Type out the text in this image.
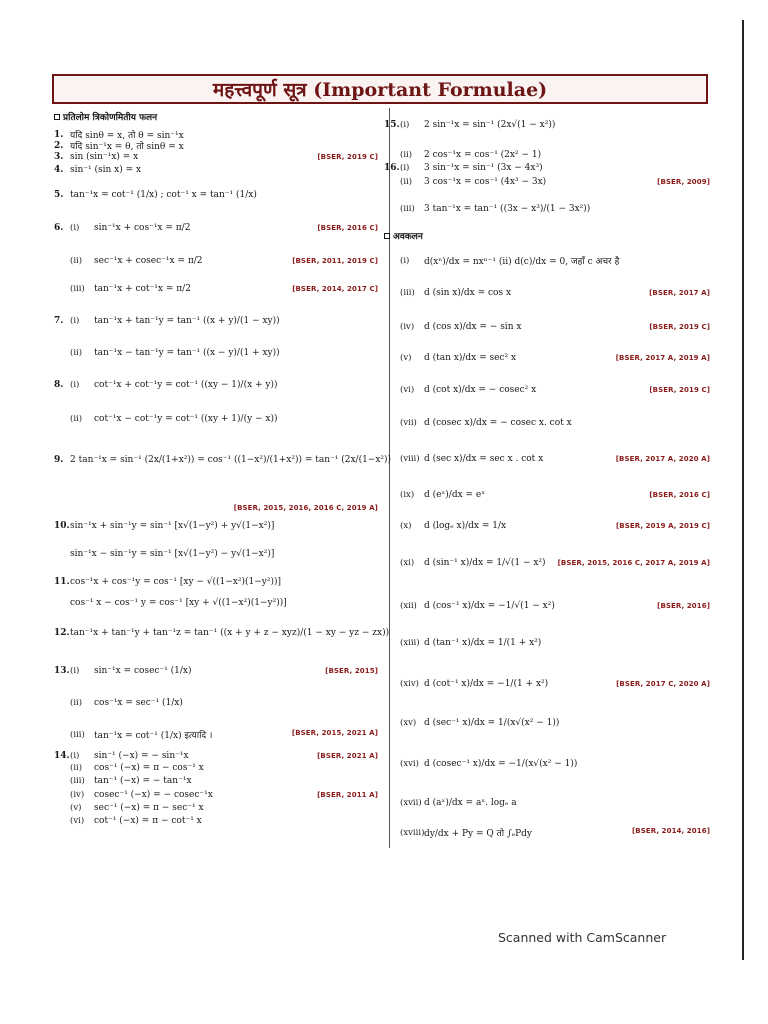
महत्त्वपूर्ण सूत्र (Important Formulae)
प्रतिलोम त्रिकोणमितीय फलन
1. यदि sinθ = x, तो θ = sin⁻¹x
2. यदि sin⁻¹x = θ, तो sinθ = x
3. sin (sin⁻¹x) = x	[BSER, 2019 C]
4. sin⁻¹ (sin x) = x
5. tan⁻¹x = cot⁻¹ (1/x) ; cot⁻¹ x = tan⁻¹ (1/x)
6. (i)	sin⁻¹x + cos⁻¹x = π/2	[BSER, 2016 C]
(ii)	sec⁻¹x + cosec⁻¹x = π/2	[BSER, 2011, 2019 C]
(iii)	tan⁻¹x + cot⁻¹x = π/2	[BSER, 2014, 2017 C]
7. (i)	tan⁻¹x + tan⁻¹y = tan⁻¹ ((x + y)/(1 − xy))
(ii)	tan⁻¹x − tan⁻¹y = tan⁻¹ ((x − y)/(1 + xy))
8. (i)	cot⁻¹x + cot⁻¹y = cot⁻¹ ((xy − 1)/(x + y))
(ii)	cot⁻¹x − cot⁻¹y = cot⁻¹ ((xy + 1)/(y − x))
9. 2 tan⁻¹x = sin⁻¹ (2x/(1+x²)) = cos⁻¹ ((1−x²)/(1+x²)) = tan⁻¹ (2x/(1−x²))
[BSER, 2015, 2016, 2016 C, 2019 A]
10. sin⁻¹x + sin⁻¹y = sin⁻¹ [x√(1−y²) + y√(1−x²)]
sin⁻¹x − sin⁻¹y = sin⁻¹ [x√(1−y²) − y√(1−x²)]
11. cos⁻¹x + cos⁻¹y = cos⁻¹ [xy − √((1−x²)(1−y²))]
cos⁻¹ x − cos⁻¹ y = cos⁻¹ [xy + √((1−x²)(1−y²))]
12. tan⁻¹x + tan⁻¹y + tan⁻¹z = tan⁻¹ ((x + y + z − xyz)/(1 − xy − yz − zx))
13. (i)	sin⁻¹x = cosec⁻¹ (1/x)	[BSER, 2015]
(ii)	cos⁻¹x = sec⁻¹ (1/x)
(iii)	tan⁻¹x = cot⁻¹ (1/x) इत्यादि ।	[BSER, 2015, 2021 A]
14. (i)	sin⁻¹ (−x) = − sin⁻¹x	[BSER, 2021 A]
(ii)	cos⁻¹ (−x) = π − cos⁻¹ x
(iii)	tan⁻¹ (−x) = − tan⁻¹x
(iv)	cosec⁻¹ (−x) = − cosec⁻¹x	[BSER, 2011 A]
(v)	sec⁻¹ (−x) = π − sec⁻¹ x
(vi)	cot⁻¹ (−x) = π − cot⁻¹ x
15. (i)	2 sin⁻¹x = sin⁻¹ (2x√(1 − x²))
(ii)	2 cos⁻¹x = cos⁻¹ (2x² − 1)
16. (i)	3 sin⁻¹x = sin⁻¹ (3x − 4x³)
(ii)	3 cos⁻¹x = cos⁻¹ (4x³ − 3x)	[BSER, 2009]
(iii)	3 tan⁻¹x = tan⁻¹ ((3x − x³)/(1 − 3x²))
अवकलन
(i)	d(xⁿ)/dx = nxⁿ⁻¹ (ii) d(c)/dx = 0, जहाँ c अचर है
(iii)	d (sin x)/dx = cos x	[BSER, 2017 A]
(iv)	d (cos x)/dx = − sin x	[BSER, 2019 C]
(v)	d (tan x)/dx = sec² x	[BSER, 2017 A, 2019 A]
(vi)	d (cot x)/dx = − cosec² x	[BSER, 2019 C]
(vii) d (cosec x)/dx = − cosec x. cot x
(viii) d (sec x)/dx = sec x . cot x	[BSER, 2017 A, 2020 A]
(ix)	d (eˣ)/dx = eˣ	[BSER, 2016 C]
(x)	d (logₑ x)/dx = 1/x	[BSER, 2019 A, 2019 C]
(xi)	d (sin⁻¹ x)/dx = 1/√(1 − x²) [BSER, 2015, 2016 C, 2017 A, 2019 A]
(xii) d (cos⁻¹ x)/dx = −1/√(1 − x²)	[BSER, 2016]
(xiii) d (tan⁻¹ x)/dx = 1/(1 + x²)
(xiv) d (cot⁻¹ x)/dx = −1/(1 + x²)	[BSER, 2017 C, 2020 A]
(xv) d (sec⁻¹ x)/dx = 1/(x√(x² − 1))
(xvi) d (cosec⁻¹ x)/dx = −1/(x√(x² − 1))
(xvii) d (aˣ)/dx = aˣ. logₑ a
(xviii) dy/dx + Py = Q तो ∫ₑPdy	[BSER, 2014, 2016]
Scanned with CamScanner
